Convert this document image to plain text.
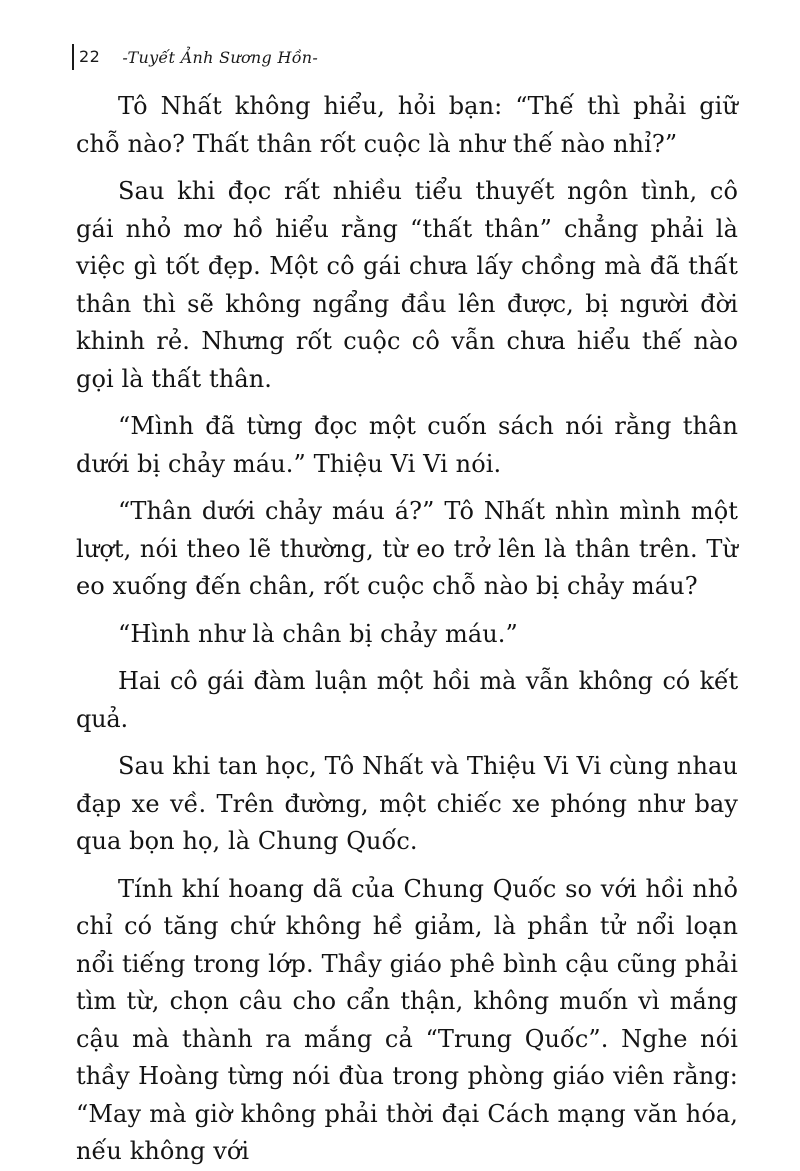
22 -Tuyết Ảnh Sương Hồn-

Tô Nhất không hiểu, hỏi bạn: “Thế thì phải giữ chỗ nào? Thất thân rốt cuộc là như thế nào nhỉ?”

Sau khi đọc rất nhiều tiểu thuyết ngôn tình, cô gái nhỏ mơ hồ hiểu rằng “thất thân” chẳng phải là việc gì tốt đẹp. Một cô gái chưa lấy chồng mà đã thất thân thì sẽ không ngẩng đầu lên được, bị người đời khinh rẻ. Nhưng rốt cuộc cô vẫn chưa hiểu thế nào gọi là thất thân.

“Mình đã từng đọc một cuốn sách nói rằng thân dưới bị chảy máu.” Thiệu Vi Vi nói.

“Thân dưới chảy máu á?” Tô Nhất nhìn mình một lượt, nói theo lẽ thường, từ eo trở lên là thân trên. Từ eo xuống đến chân, rốt cuộc chỗ nào bị chảy máu?

“Hình như là chân bị chảy máu.”

Hai cô gái đàm luận một hồi mà vẫn không có kết quả.

Sau khi tan học, Tô Nhất và Thiệu Vi Vi cùng nhau đạp xe về. Trên đường, một chiếc xe phóng như bay qua bọn họ, là Chung Quốc.

Tính khí hoang dã của Chung Quốc so với hồi nhỏ chỉ có tăng chứ không hề giảm, là phần tử nổi loạn nổi tiếng trong lớp. Thầy giáo phê bình cậu cũng phải tìm từ, chọn câu cho cẩn thận, không muốn vì mắng cậu mà thành ra mắng cả “Trung Quốc”. Nghe nói thầy Hoàng từng nói đùa trong phòng giáo viên rằng: “May mà giờ không phải thời đại Cách mạng văn hóa, nếu không với
